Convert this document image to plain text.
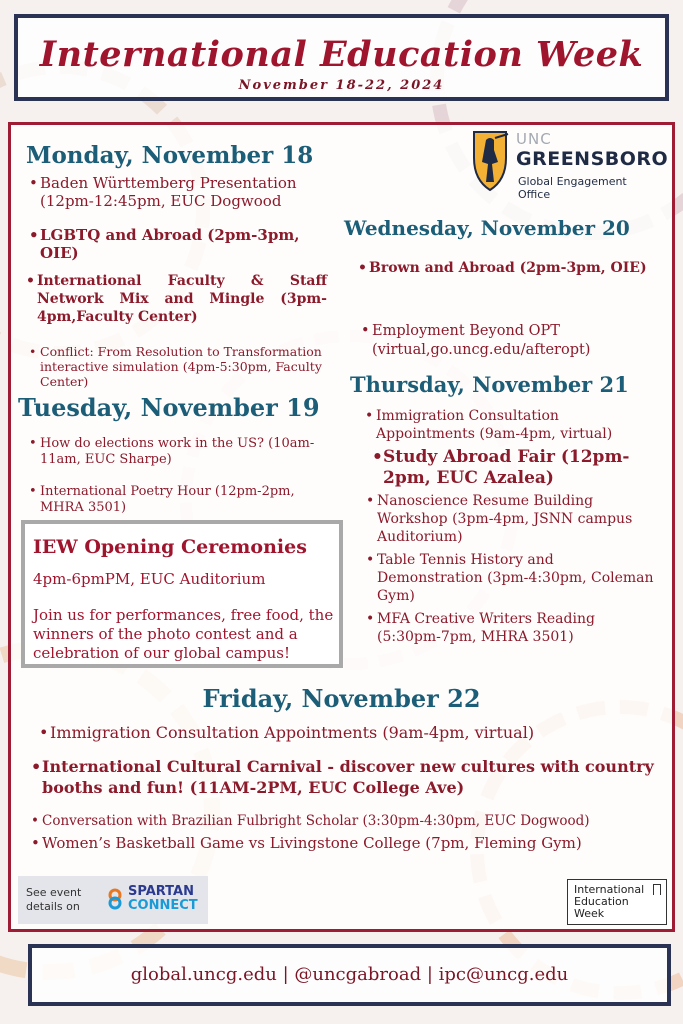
International Education Week
November 18-22, 2024
UNC
GREENSBORO
Global Engagement Office
Monday, November 18
• Baden Württemberg Presentation (12pm-12:45pm, EUC Dogwood
• LGBTQ and Abroad (2pm-3pm, OIE)
• International Faculty & Staff Network Mix and Mingle (3pm-4pm,Faculty Center)
• Conflict: From Resolution to Transformation interactive simulation (4pm-5:30pm, Faculty Center)
Tuesday, November 19
• How do elections work in the US? (10am-11am, EUC Sharpe)
• International Poetry Hour (12pm-2pm, MHRA 3501)
IEW Opening Ceremonies
4pm-6pmPM, EUC Auditorium
Join us for performances, free food, the winners of the photo contest and a celebration of our global campus!
Wednesday, November 20
• Brown and Abroad (2pm-3pm, OIE)
• Employment Beyond OPT (virtual,go.uncg.edu/afteropt)
Thursday, November 21
• Immigration Consultation Appointments (9am-4pm, virtual)
• Study Abroad Fair (12pm-2pm, EUC Azalea)
• Nanoscience Resume Building Workshop (3pm-4pm, JSNN campus Auditorium)
• Table Tennis History and Demonstration (3pm-4:30pm, Coleman Gym)
• MFA Creative Writers Reading (5:30pm-7pm, MHRA 3501)
Friday, November 22
• Immigration Consultation Appointments (9am-4pm, virtual)
• International Cultural Carnival - discover new cultures with country booths and fun! (11AM-2PM, EUC College Ave)
• Conversation with Brazilian Fulbright Scholar (3:30pm-4:30pm, EUC Dogwood)
• Women’s Basketball Game vs Livingstone College (7pm, Fleming Gym)
See event details on
SPARTAN
CONNECT
International
Education
Week
global.uncg.edu | @uncgabroad | ipc@uncg.edu
